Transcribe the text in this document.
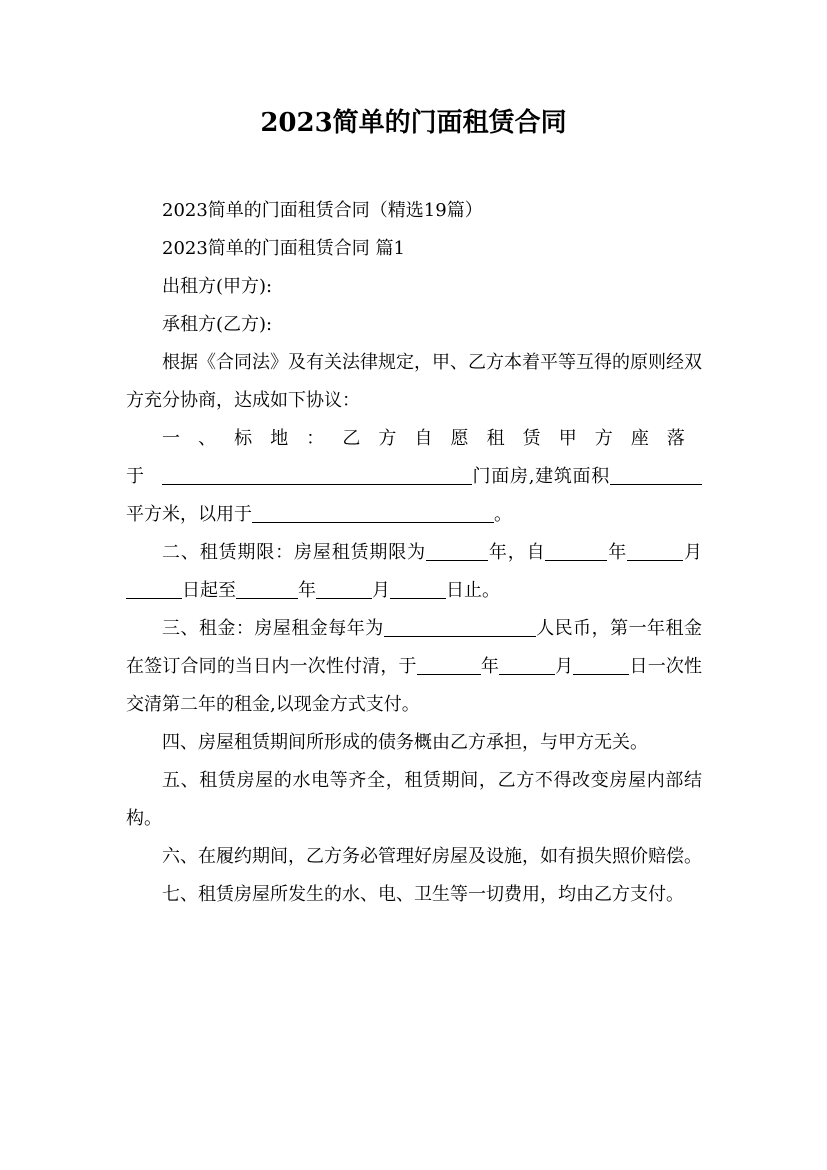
2023简单的门面租赁合同

2023简单的门面租赁合同（精选19篇）

2023简单的门面租赁合同 篇1

出租方(甲方):

承租方(乙方):

根据《合同法》及有关法律规定，甲、乙方本着平等互得的原则经双方充分协商，达成如下协议：

一、标地：乙方自愿租赁甲方座落于	门面房,建筑面积平方米，以用于	。

二、租赁期限：房屋租赁期限为	年，自	年	月日起至	年	月	日止。

三、租金：房屋租金每年为	人民币，第一年租金在签订合同的当日内一次性付清，于	年	月	日一次性交清第二年的租金,以现金方式支付。

四、房屋租赁期间所形成的债务概由乙方承担，与甲方无关。

五、租赁房屋的水电等齐全，租赁期间，乙方不得改变房屋内部结构。

六、在履约期间，乙方务必管理好房屋及设施，如有损失照价赔偿。

七、租赁房屋所发生的水、电、卫生等一切费用，均由乙方支付。
